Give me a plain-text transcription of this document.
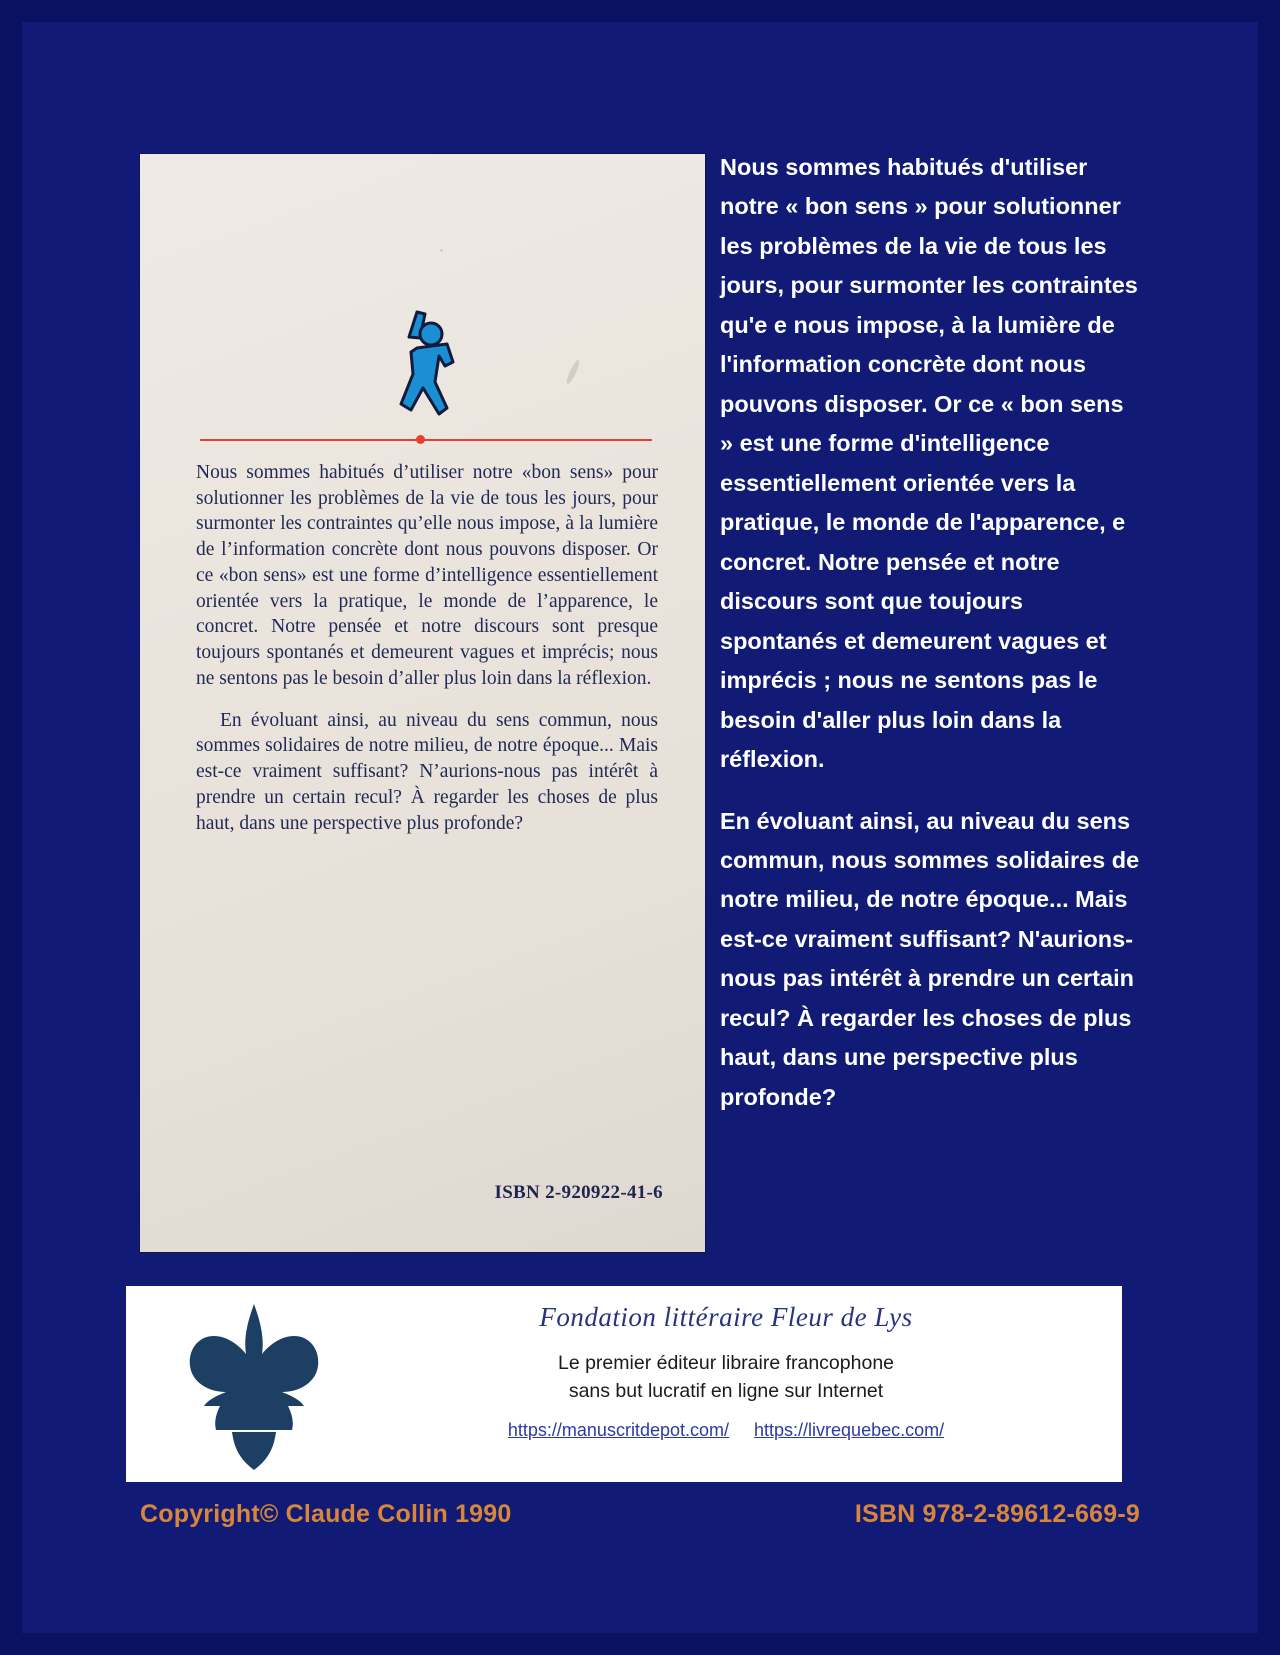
Nous sommes habitués d’utiliser notre «bon sens» pour solutionner les problèmes de la vie de tous les jours, pour surmonter les contraintes qu’elle nous impose, à la lumière de l’information concrète dont nous pouvons disposer. Or ce «bon sens» est une forme d’intelligence essentiellement orientée vers la pratique, le monde de l’apparence, le concret. Notre pensée et notre discours sont presque toujours spontanés et demeurent vagues et imprécis; nous ne sentons pas le besoin d’aller plus loin dans la réflexion.

En évoluant ainsi, au niveau du sens commun, nous sommes solidaires de notre milieu, de notre époque... Mais est-ce vraiment suffisant? N’aurions-nous pas intérêt à prendre un certain recul? À regarder les choses de plus haut, dans une perspective plus profonde?

ISBN 2-920922-41-6

Nous sommes habitués d'utiliser notre « bon sens » pour solutionner les problèmes de la vie de tous les jours, pour surmonter les contraintes qu'e e nous impose, à la lumière de l'information concrète dont nous pouvons disposer. Or ce « bon sens » est une forme d'intelligence essentiellement orientée vers la pratique, le monde de l'apparence, e concret. Notre pensée et notre discours sont que toujours spontanés et demeurent vagues et imprécis ; nous ne sentons pas le besoin d'aller plus loin dans la réflexion.

En évoluant ainsi, au niveau du sens commun, nous sommes solidaires de notre milieu, de notre époque... Mais est-ce vraiment suffisant? N'aurions-nous pas intérêt à prendre un certain recul? À regarder les choses de plus haut, dans une perspective plus profonde?

Fondation littéraire Fleur de Lys
Le premier éditeur libraire francophone
sans but lucratif en ligne sur Internet
https://manuscritdepot.com/ https://livrequebec.com/
Copyright© Claude Collin 1990	ISBN 978-2-89612-669-9
